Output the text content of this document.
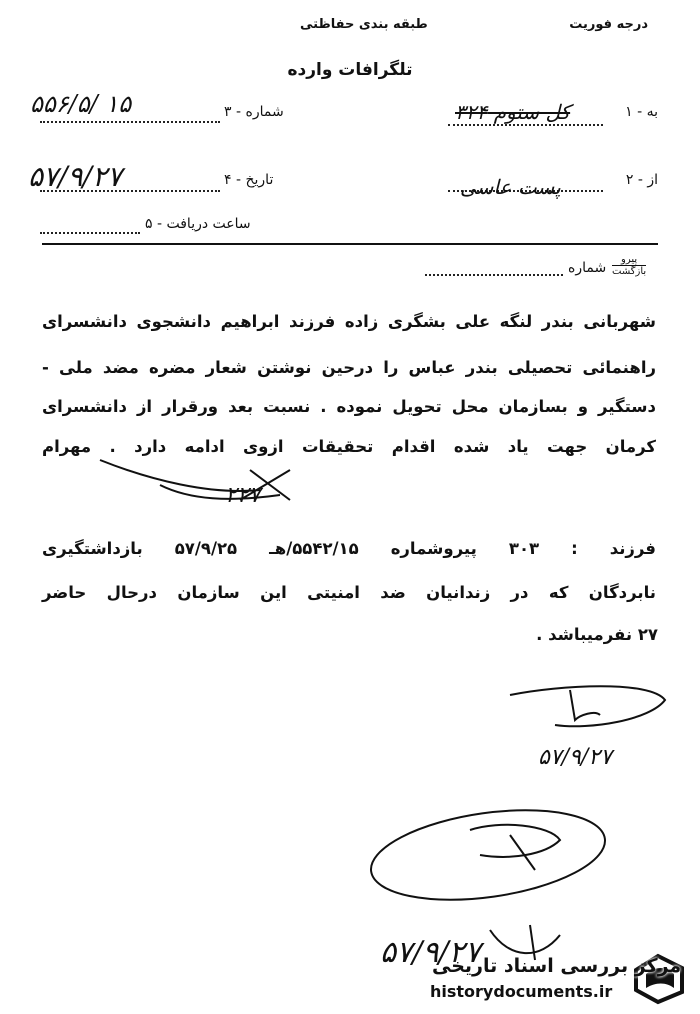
درجه فوریت
طبقه بندی حفاظتی
تلگرافات وارده
۳ - شماره
۵۵۶/۵/ ۱۵
۴ - تاریخ
۵۷/۹/۲۷
۵ - ساعت دریافت
۱ - به
کل ستوم ۳۲۴
۲ - از
پست عاسی
پیرو
بازگشت
شماره
شهربانی بندر لنگه علی بشگری زاده فرزند ابراهیم دانشجوی دانشسرای
راهنمائی تحصیلی بندر عباس را درحین نوشتن شعار مضره مضد ملی -
دستگیر و بسازمان محل تحویل نموده . نسبت بعد ورقرار از دانشسرای
کرمان جهت یاد شده اقدام تحقیقات ازوی ادامه دارد . مهرام
۲۲۷
فرزند : ۳۰۳ پیروشماره ۵۵۴۲/۱۵/هـ ۵۷/۹/۲۵ بازداشتگیری
نابردگان که در زندانیان ضد امنیتی این سازمان درحال حاضر
۲۷ نفرمیباشد .
۵۷/۹/۲۷
۵۷/۹/۲۷
مرکز بررسی اسناد تاریخی
historydocuments.ir
